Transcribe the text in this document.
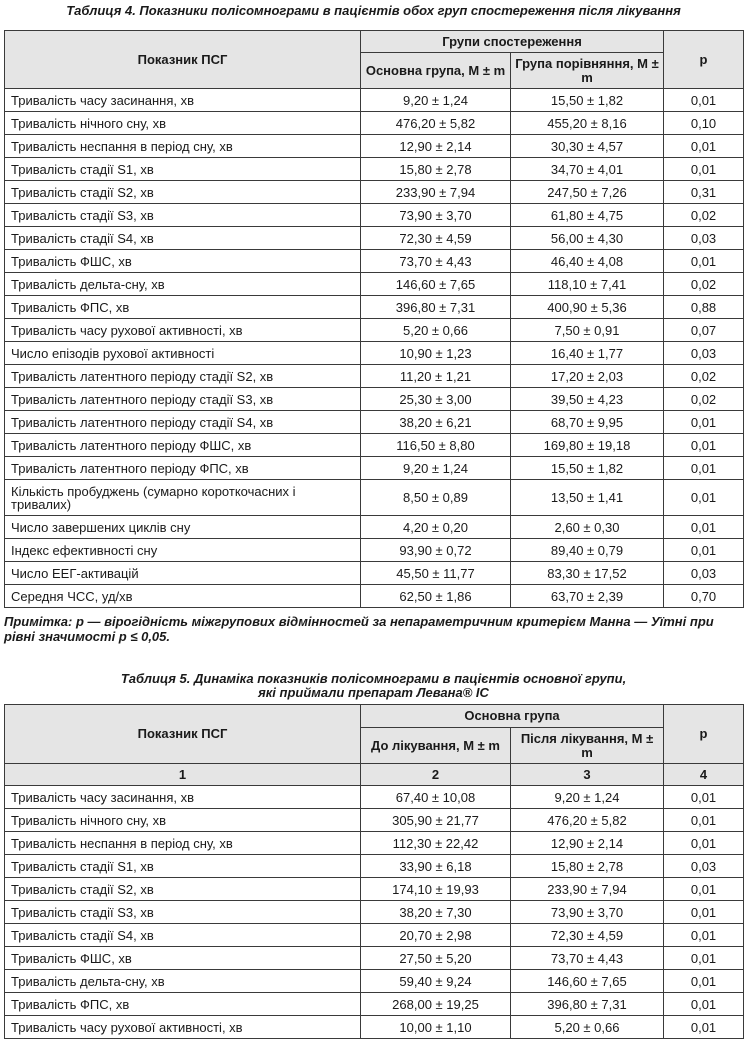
Таблиця 4. Показники полісомнограми в пацієнтів обох груп спостереження після лікування
Показник ПСГ	Групи спостереження		p
	Основна група, M ± m	Група порівняння, M ± m	
Тривалість часу засинання, хв	9,20 ± 1,24	15,50 ± 1,82	0,01
Тривалість нічного сну, хв	476,20 ± 5,82	455,20 ± 8,16	0,10
Тривалість неспання в період сну, хв	12,90 ± 2,14	30,30 ± 4,57	0,01
Тривалість стадії S1, хв	15,80 ± 2,78	34,70 ± 4,01	0,01
Тривалість стадії S2, хв	233,90 ± 7,94	247,50 ± 7,26	0,31
Тривалість стадії S3, хв	73,90 ± 3,70	61,80 ± 4,75	0,02
Тривалість стадії S4, хв	72,30 ± 4,59	56,00 ± 4,30	0,03
Тривалість ФШС, хв	73,70 ± 4,43	46,40 ± 4,08	0,01
Тривалість дельта-сну, хв	146,60 ± 7,65	118,10 ± 7,41	0,02
Тривалість ФПС, хв	396,80 ± 7,31	400,90 ± 5,36	0,88
Тривалість часу рухової активності, хв	5,20 ± 0,66	7,50 ± 0,91	0,07
Число епізодів рухової активності	10,90 ± 1,23	16,40 ± 1,77	0,03
Тривалість латентного періоду стадії S2, хв	11,20 ± 1,21	17,20 ± 2,03	0,02
Тривалість латентного періоду стадії S3, хв	25,30 ± 3,00	39,50 ± 4,23	0,02
Тривалість латентного періоду стадії S4, хв	38,20 ± 6,21	68,70 ± 9,95	0,01
Тривалість латентного періоду ФШС, хв	116,50 ± 8,80	169,80 ± 19,18	0,01
Тривалість латентного періоду ФПС, хв	9,20 ± 1,24	15,50 ± 1,82	0,01
Кількість пробуджень (сумарно короткочасних і тривалих)	8,50 ± 0,89	13,50 ± 1,41	0,01
Число завершених циклів сну	4,20 ± 0,20	2,60 ± 0,30	0,01
Індекс ефективності сну	93,90 ± 0,72	89,40 ± 0,79	0,01
Число ЕЕГ-активацій	45,50 ± 11,77	83,30 ± 17,52	0,03
Середня ЧСС, уд/хв	62,50 ± 1,86	63,70 ± 2,39	0,70
Примітка: p — вірогідність міжгрупових відмінностей за непараметричним критерієм Манна — Уїтні при рівні значимості p ≤ 0,05.
Таблиця 5. Динаміка показників полісомнограми в пацієнтів основної групи,
які приймали препарат Левана® ІС
Показник ПСГ	Основна група		p
	До лікування, M ± m	Після лікування, M ± m	
1	2	3	4
Тривалість часу засинання, хв	67,40 ± 10,08	9,20 ± 1,24	0,01
Тривалість нічного сну, хв	305,90 ± 21,77	476,20 ± 5,82	0,01
Тривалість неспання в період сну, хв	112,30 ± 22,42	12,90 ± 2,14	0,01
Тривалість стадії S1, хв	33,90 ± 6,18	15,80 ± 2,78	0,03
Тривалість стадії S2, хв	174,10 ± 19,93	233,90 ± 7,94	0,01
Тривалість стадії S3, хв	38,20 ± 7,30	73,90 ± 3,70	0,01
Тривалість стадії S4, хв	20,70 ± 2,98	72,30 ± 4,59	0,01
Тривалість ФШС, хв	27,50 ± 5,20	73,70 ± 4,43	0,01
Тривалість дельта-сну, хв	59,40 ± 9,24	146,60 ± 7,65	0,01
Тривалість ФПС, хв	268,00 ± 19,25	396,80 ± 7,31	0,01
Тривалість часу рухової активності, хв	10,00 ± 1,10	5,20 ± 0,66	0,01
